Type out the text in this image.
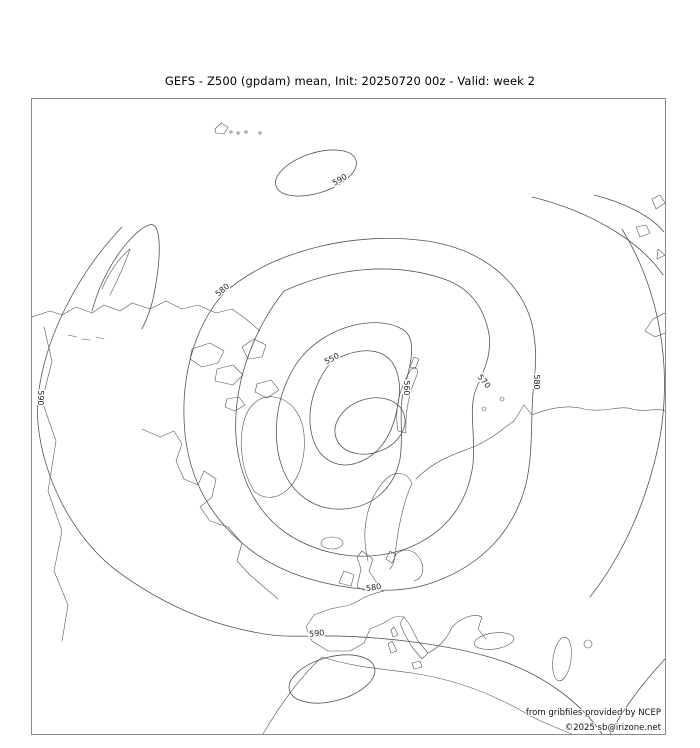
GEFS - Z500 (gpdam) mean, Init: 20250720 00z - Valid: week 2
590
580
550
560	570	580
590
580
590
from gribfiles provided by NCEP
©2025 sb@irizone.net
